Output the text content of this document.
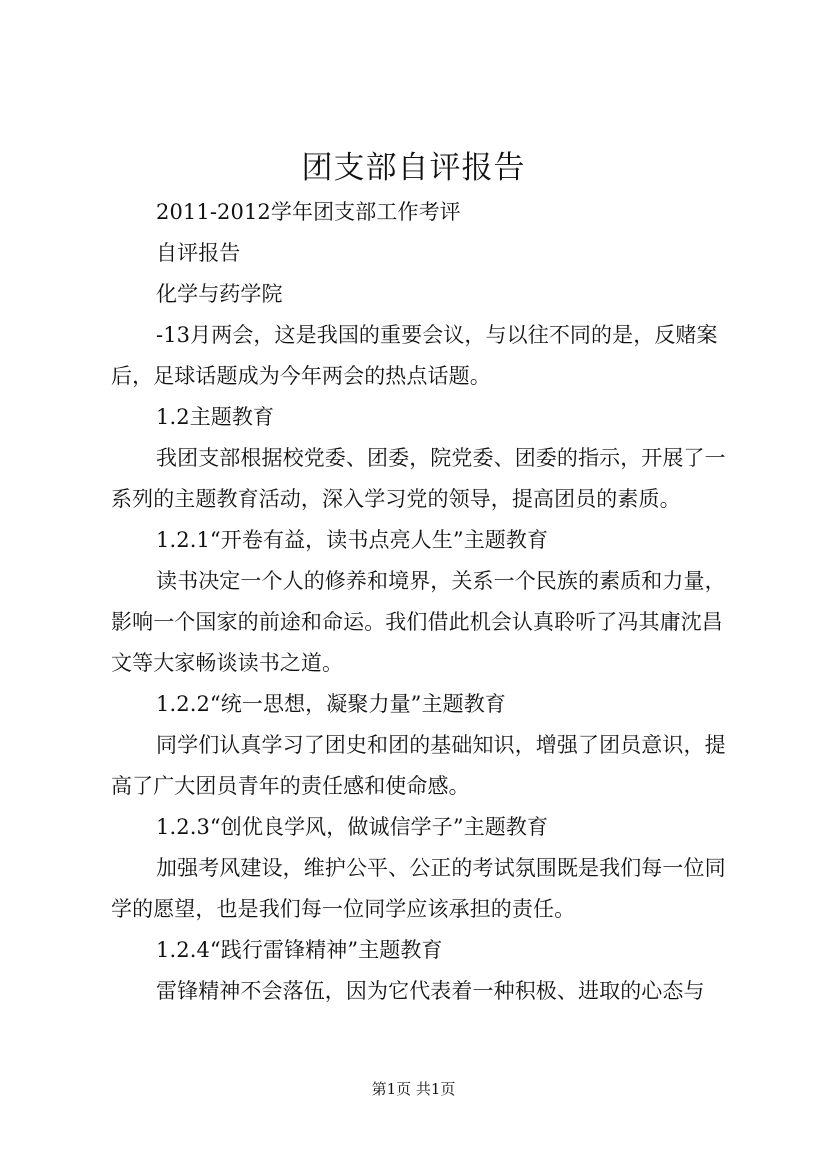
团支部自评报告

2011-2012学年团支部工作考评

自评报告

化学与药学院

-13月两会，这是我国的重要会议，与以往不同的是，反赌案后，足球话题成为今年两会的热点话题。

1.2主题教育

我团支部根据校党委、团委，院党委、团委的指示，开展了一系列的主题教育活动，深入学习党的领导，提高团员的素质。

1.2.1“开卷有益，读书点亮人生”主题教育

读书决定一个人的修养和境界，关系一个民族的素质和力量，影响一个国家的前途和命运。我们借此机会认真聆听了冯其庸沈昌文等大家畅谈读书之道。

1.2.2“统一思想，凝聚力量”主题教育

同学们认真学习了团史和团的基础知识，增强了团员意识，提高了广大团员青年的责任感和使命感。

1.2.3“创优良学风，做诚信学子”主题教育

加强考风建设，维护公平、公正的考试氛围既是我们每一位同学的愿望，也是我们每一位同学应该承担的责任。

1.2.4“践行雷锋精神”主题教育

雷锋精神不会落伍，因为它代表着一种积极、进取的心态与

第1页 共1页
